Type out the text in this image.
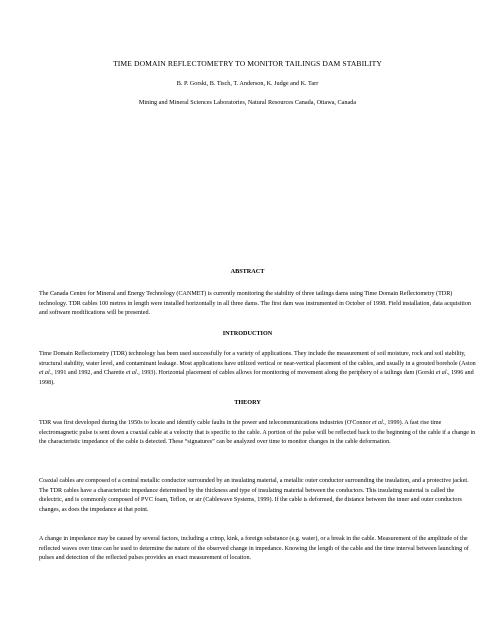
TIME DOMAIN REFLECTOMETRY TO MONITOR TAILINGS DAM STABILITY

B. P. Gorski, B. Tisch, T. Anderson, K. Judge and K. Tarr

Mining and Mineral Sciences Laboratories, Natural Resources Canada, Ottawa, Canada

ABSTRACT

The Canada Centre for Mineral and Energy Technology (CANMET) is currently monitoring the stability of three tailings dams using Time Domain Reflectometry (TDR) technology. TDR cables 100 metres in length were installed horizontally in all three dams. The first dam was instrumented in October of 1998. Field installation, data acquisition and software modifications will be presented.

INTRODUCTION

Time Domain Reflectometry (TDR) technology has been used successfully for a variety of applications. They include the measurement of soil moisture, rock and soil stability, structural stability, water level, and contaminant leakage. Most applications have utilized vertical or near-vertical placement of the cables, and usually in a grouted borehole (Aston et al., 1991 and 1992, and Charette et al., 1993). Horizontal placement of cables allows for monitoring of movement along the periphery of a tailings dam (Gorski et al., 1996 and 1998).

THEORY

TDR was first developed during the 1950s to locate and identify cable faults in the power and telecommunications industries (O'Connor et al., 1999). A fast rise time electromagnetic pulse is sent down a coaxial cable at a velocity that is specific to the cable. A portion of the pulse will be reflected back to the beginning of the cable if a change in the characteristic impedance of the cable is detected. These “signatures” can be analyzed over time to monitor changes in the cable deformation.

Coaxial cables are composed of a central metallic conductor surrounded by an insulating material, a metallic outer conductor surrounding the insulation, and a protective jacket. The TDR cables have a characteristic impedance determined by the thickness and type of insulating material between the conductors. This insulating material is called the dielectric, and is commonly composed of PVC foam, Teflon, or air (Cablewave Systems, 1999). If the cable is deformed, the distance between the inner and outer conductors changes, as does the impedance at that point.

A change in impedance may be caused by several factors, including a crimp, kink, a foreign substance (e.g. water), or a break in the cable. Measurement of the amplitude of the reflected waves over time can be used to determine the nature of the observed change in impedance. Knowing the length of the cable and the time interval between launching of pulses and detection of the reflected pulses provides an exact measurement of location.
